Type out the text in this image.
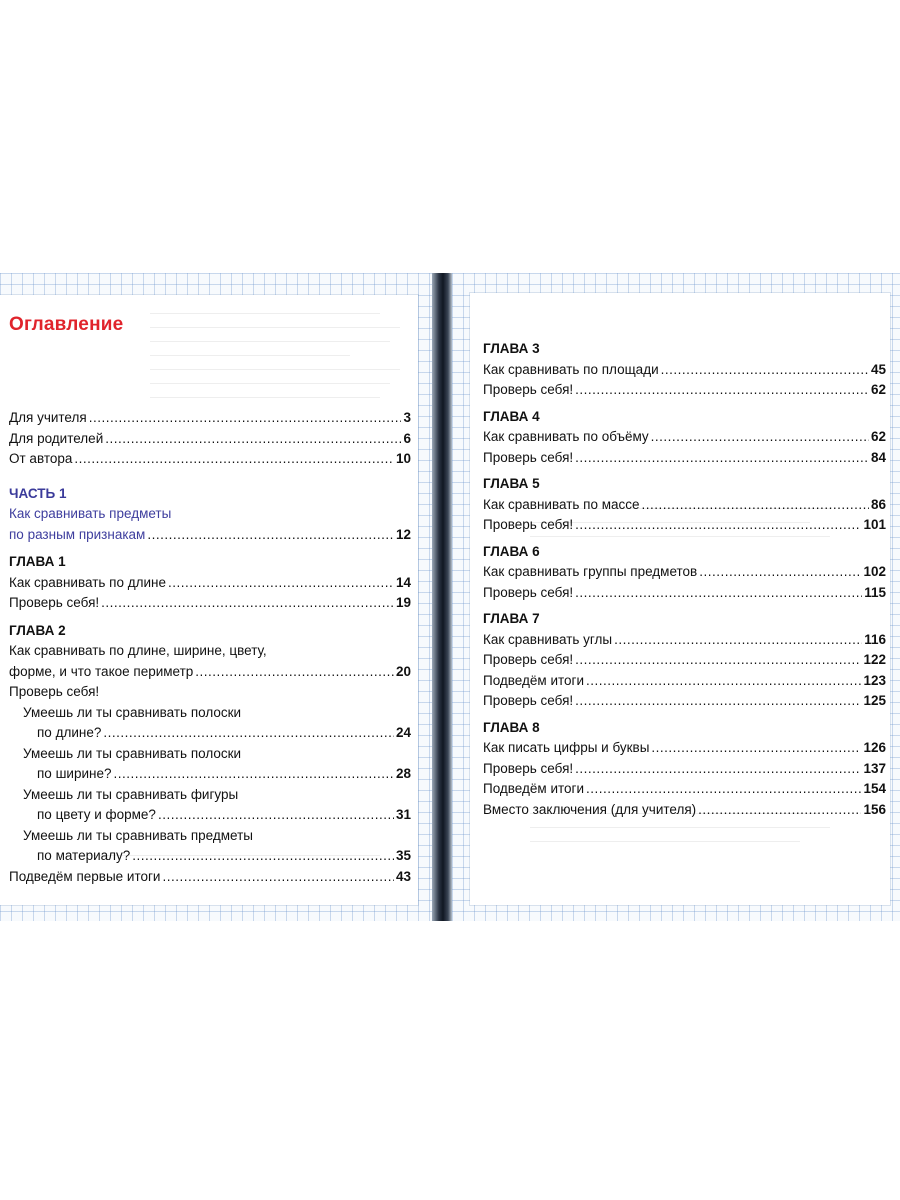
Оглавление
Для учителя .....	3
Для родителей .....	6
От автора .....	10
ЧАСТЬ 1
Как сравнивать предметы
по разным признакам .....	12
ГЛАВА 1
Как сравнивать по длине .....	14
Проверь себя! .....	19
ГЛАВА 2
Как сравнивать по длине, ширине, цвету,
форме, и что такое периметр .....	20
Проверь себя!
Умеешь ли ты сравнивать полоски
по длине? .....	24
Умеешь ли ты сравнивать полоски
по ширине? .....	28
Умеешь ли ты сравнивать фигуры
по цвету и форме? .....	31
Умеешь ли ты сравнивать предметы
по материалу? .....	35
Подведём первые итоги .....	43
ГЛАВА 3
Как сравнивать по площади .....	45
Проверь себя! .....	62
ГЛАВА 4
Как сравнивать по объёму .....	62
Проверь себя! .....	84
ГЛАВА 5
Как сравнивать по массе .....	86
Проверь себя! .....	101
ГЛАВА 6
Как сравнивать группы предметов .....	102
Проверь себя! .....	115
ГЛАВА 7
Как сравнивать углы .....	116
Проверь себя! .....	122
Подведём итоги .....	123
Проверь себя! .....	125
ГЛАВА 8
Как писать цифры и буквы .....	126
Проверь себя! .....	137
Подведём итоги .....	154
Вместо заключения (для учителя) .....	156
